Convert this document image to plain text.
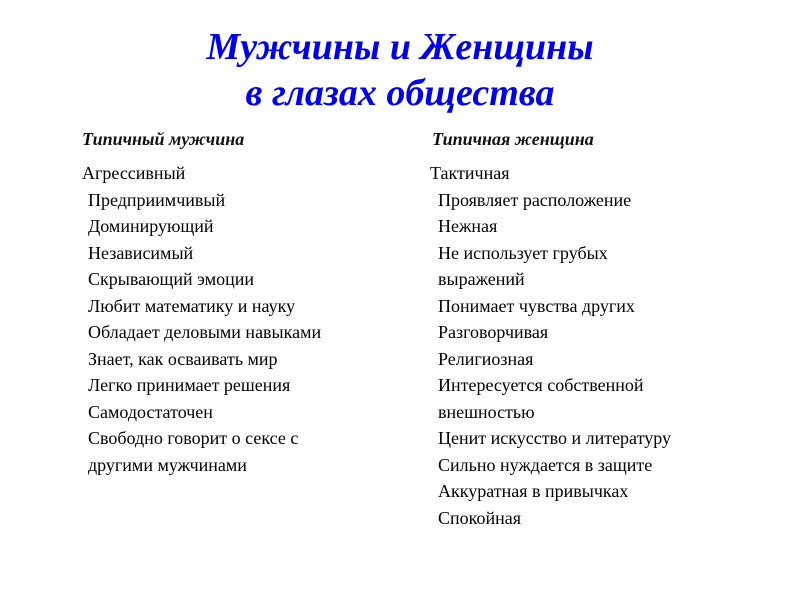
Мужчины и Женщины
в глазах общества
Типичный мужчина	Типичная женщина
Агрессивный
Предприимчивый
Доминирующий
Независимый
Скрывающий эмоции
Любит математику и науку
Обладает деловыми навыками
Знает, как осваивать мир
Легко принимает решения
Самодостаточен
Свободно говорит о сексе с
другими мужчинами
Тактичная
Проявляет расположение
Нежная
Не использует грубых
выражений
Понимает чувства других
Разговорчивая
Религиозная
Интересуется собственной
внешностью
Ценит искусство и литературу
Сильно нуждается в защите
Аккуратная в привычках
Спокойная
